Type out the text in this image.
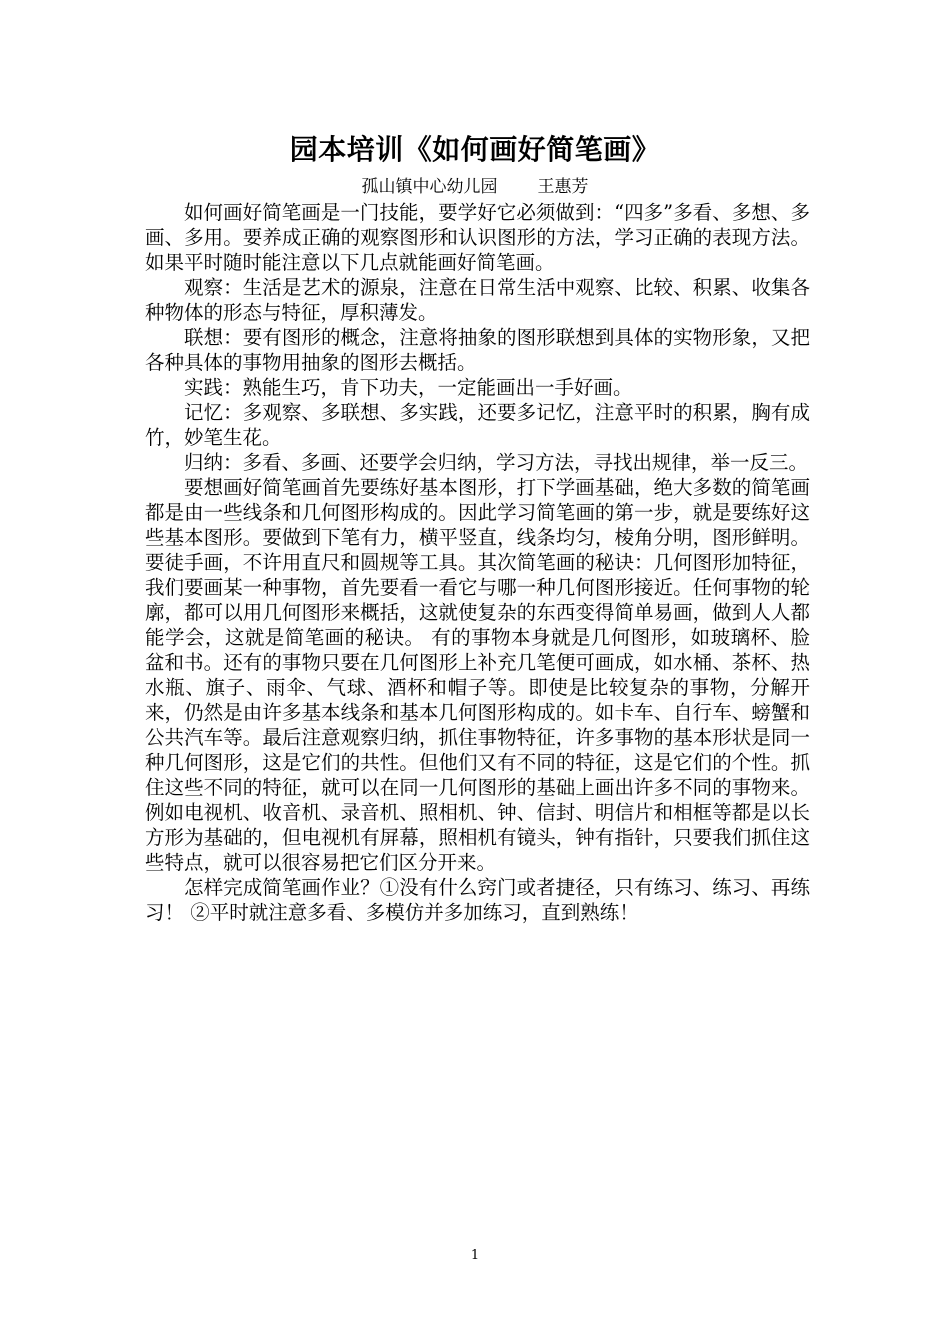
园本培训《如何画好简笔画》
孤山镇中心幼儿园 王惠芳

如何画好简笔画是一门技能，要学好它必须做到：“四多”多看、多想、多画、多用。要养成正确的观察图形和认识图形的方法，学习正确的表现方法。如果平时随时能注意以下几点就能画好简笔画。

观察：生活是艺术的源泉，注意在日常生活中观察、比较、积累、收集各种物体的形态与特征，厚积薄发。

联想：要有图形的概念，注意将抽象的图形联想到具体的实物形象，又把各种具体的事物用抽象的图形去概括。

实践：熟能生巧，肯下功夫，一定能画出一手好画。

记忆：多观察、多联想、多实践，还要多记忆，注意平时的积累，胸有成竹，妙笔生花。

归纳：多看、多画、还要学会归纳，学习方法，寻找出规律，举一反三。

要想画好简笔画首先要练好基本图形，打下学画基础，绝大多数的简笔画都是由一些线条和几何图形构成的。因此学习简笔画的第一步，就是要练好这些基本图形。要做到下笔有力，横平竖直，线条均匀，棱角分明，图形鲜明。要徒手画，不许用直尺和圆规等工具。其次简笔画的秘诀：几何图形加特征，我们要画某一种事物，首先要看一看它与哪一种几何图形接近。任何事物的轮廓，都可以用几何图形来概括，这就使复杂的东西变得简单易画，做到人人都能学会，这就是简笔画的秘诀。 有的事物本身就是几何图形，如玻璃杯、脸盆和书。还有的事物只要在几何图形上补充几笔便可画成，如水桶、茶杯、热水瓶、旗子、雨伞、气球、酒杯和帽子等。即使是比较复杂的事物，分解开来，仍然是由许多基本线条和基本几何图形构成的。如卡车、自行车、螃蟹和公共汽车等。最后注意观察归纳，抓住事物特征，许多事物的基本形状是同一种几何图形，这是它们的共性。但他们又有不同的特征，这是它们的个性。抓住这些不同的特征，就可以在同一几何图形的基础上画出许多不同的事物来。例如电视机、收音机、录音机、照相机、钟、信封、明信片和相框等都是以长方形为基础的，但电视机有屏幕，照相机有镜头，钟有指针，只要我们抓住这些特点，就可以很容易把它们区分开来。

怎样完成简笔画作业？①没有什么窍门或者捷径，只有练习、练习、再练习！ ②平时就注意多看、多模仿并多加练习，直到熟练！

1
